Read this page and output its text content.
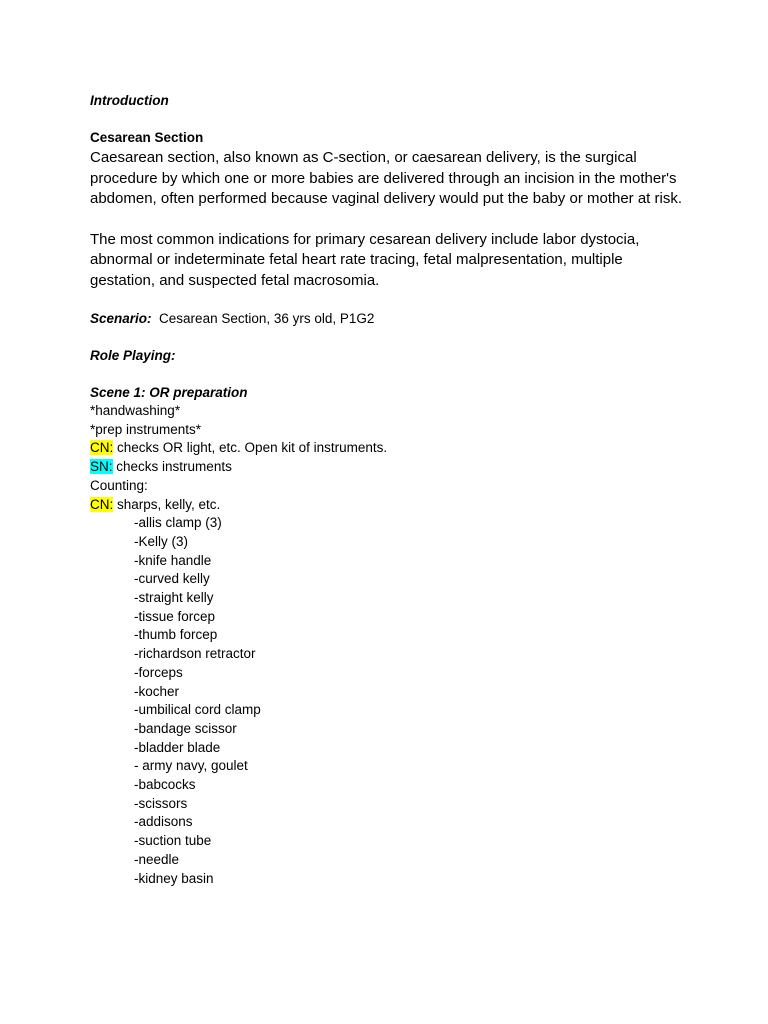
Introduction

Cesarean Section

Caesarean section, also known as C-section, or caesarean delivery, is the surgical procedure by which one or more babies are delivered through an incision in the mother's abdomen, often performed because vaginal delivery would put the baby or mother at risk.

The most common indications for primary cesarean delivery include labor dystocia, abnormal or indeterminate fetal heart rate tracing, fetal malpresentation, multiple gestation, and suspected fetal macrosomia.

Scenario: Cesarean Section, 36 yrs old, P1G2

Role Playing:

Scene 1: OR preparation

*handwashing*

*prep instruments*

CN: checks OR light, etc. Open kit of instruments.

SN: checks instruments

Counting:

CN: sharps, kelly, etc.

-allis clamp (3)
-Kelly (3)
-knife handle
-curved kelly
-straight kelly
-tissue forcep
-thumb forcep
-richardson retractor
-forceps
-kocher
-umbilical cord clamp
-bandage scissor
-bladder blade
- army navy, goulet
-babcocks
-scissors
-addisons
-suction tube
-needle
-kidney basin
